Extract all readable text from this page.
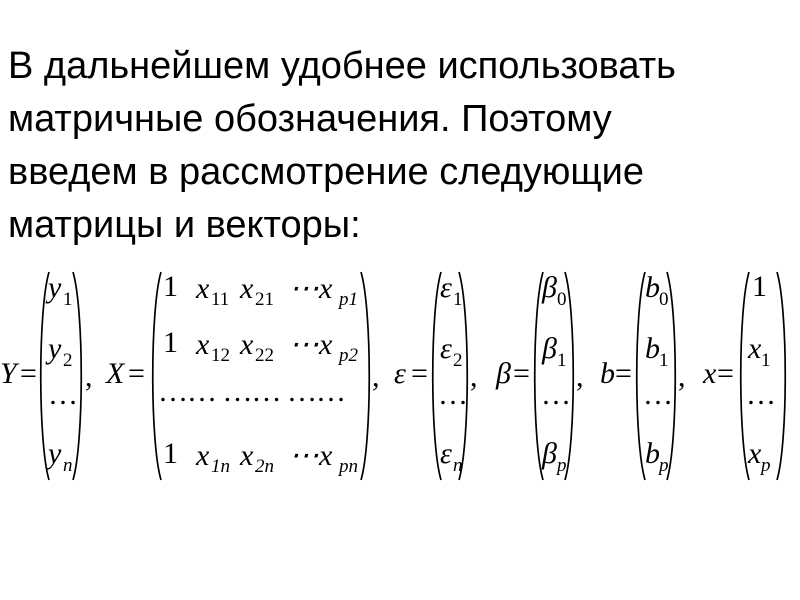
В дальнейшем удобнее использовать
матричные обозначения. Поэтому
введем в рассмотрение следующие
матрицы и векторы:

Y =
y 1
y 2
…
y n
, X =
1 x 11 x 21 ⋯x p1
1 x 12 x 22 ⋯x p2
…… …… ……
1 x 1n x 2n ⋯x pn
, ε =
ε 1
ε 2
…
ε n
, β =
β 0
β 1
…
β p
, b =
b 0
b 1
…
b p
, x =
1
x 1
…
x p
